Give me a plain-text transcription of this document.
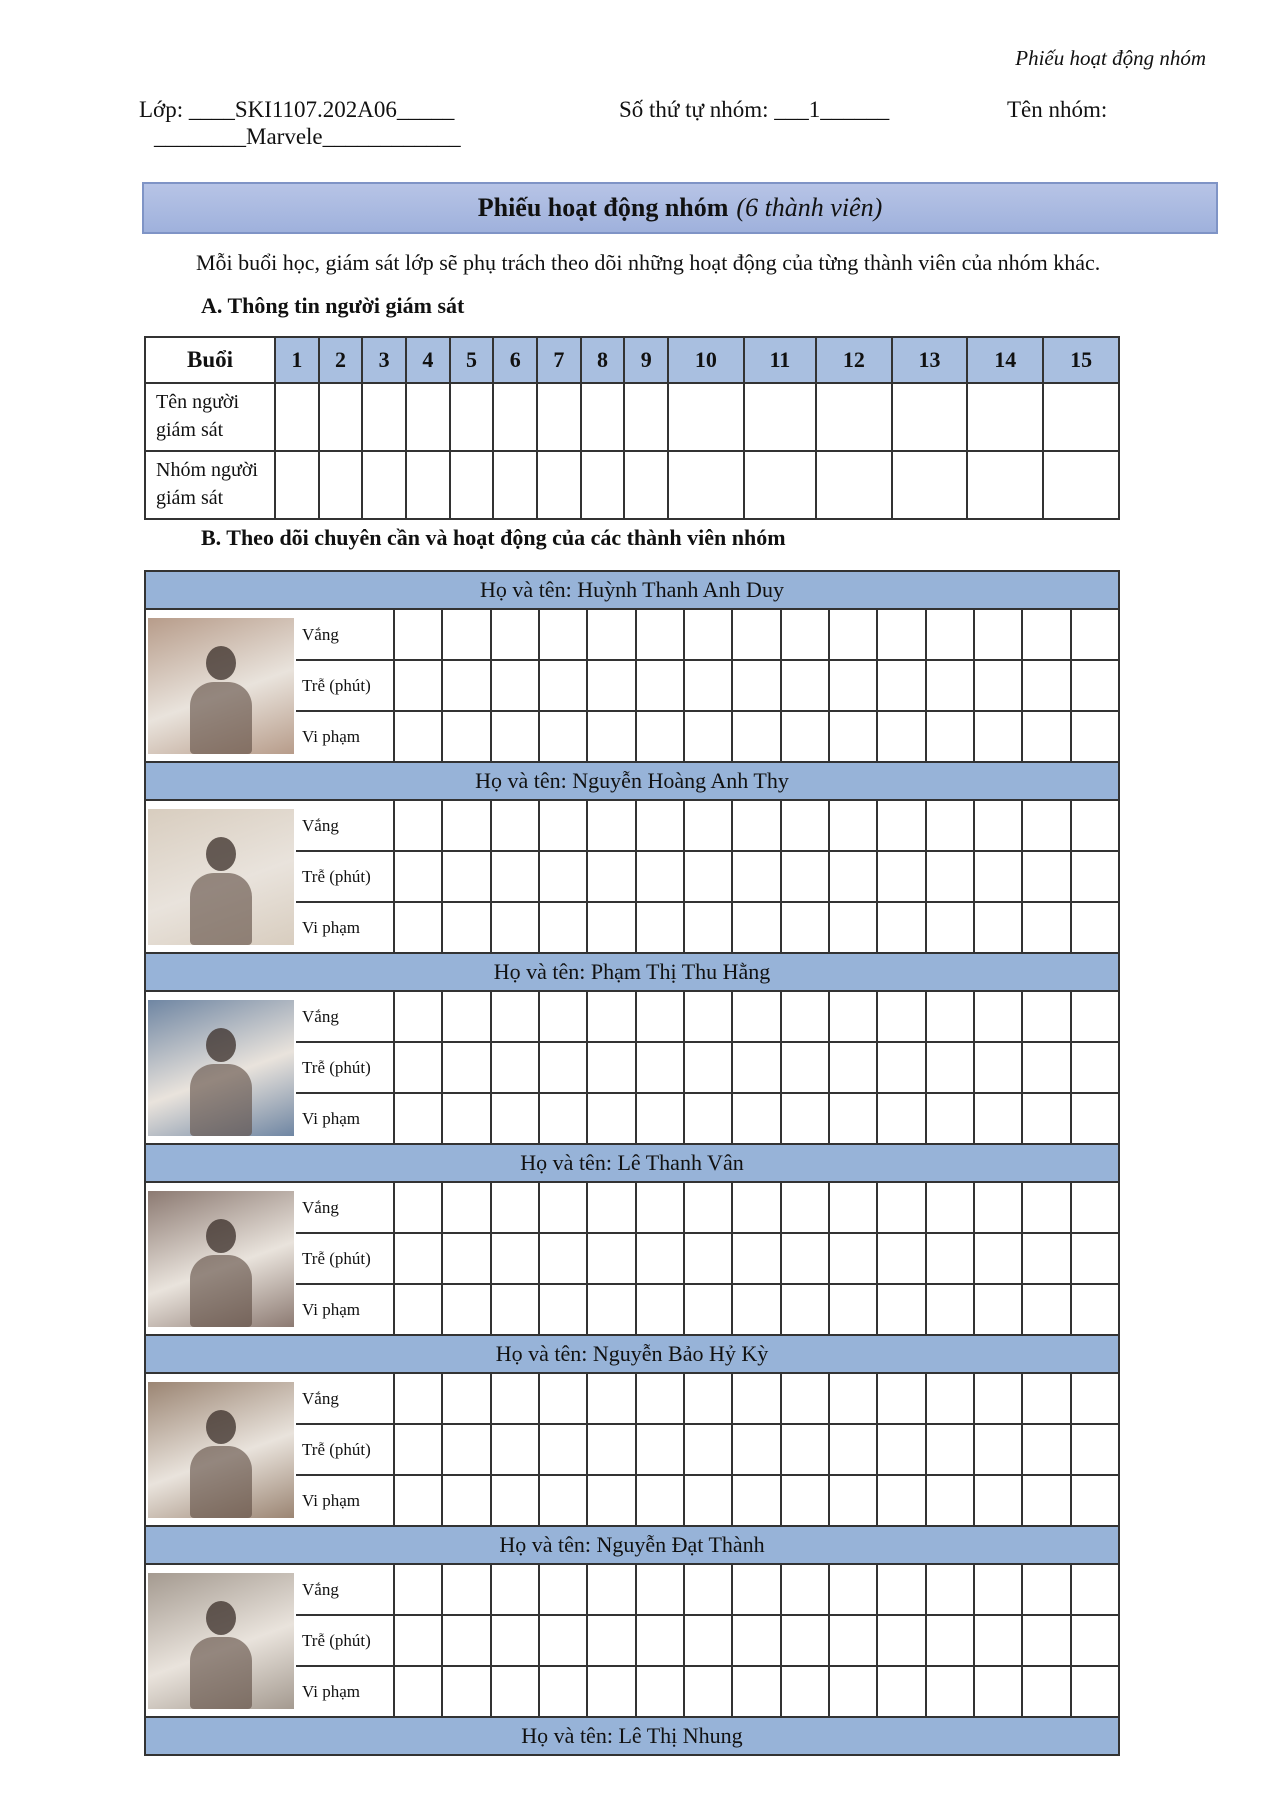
Phiếu hoạt động nhóm
Lớp: ____SKI1107.202A06_____	Số thứ tự nhóm: ___1______	Tên nhóm:
________Marvele____________
Phiếu hoạt động nhóm (6 thành viên)
Mỗi buổi học, giám sát lớp sẽ phụ trách theo dõi những hoạt động của từng thành viên của nhóm khác.
A. Thông tin người giám sát
Buổi	1	2	3	4	5	6	7	8	9	10	11	12	13	14	15

Tên người
giám sát															

Nhóm người
giám sát															

B. Theo dõi chuyên cần và hoạt động của các thành viên nhóm
Họ và tên: Huỳnh Thanh Anh Duy																

	Vắng															
	Trễ (phút)															
	Vi phạm															
Họ và tên: Nguyễn Hoàng Anh Thy																

	Vắng															
	Trễ (phút)															
	Vi phạm															
Họ và tên: Phạm Thị Thu Hằng																

	Vắng															
	Trễ (phút)															
	Vi phạm															
Họ và tên: Lê Thanh Vân																

	Vắng															
	Trễ (phút)															
	Vi phạm															
Họ và tên: Nguyễn Bảo Hỷ Kỳ																

	Vắng															
	Trễ (phút)															
	Vi phạm															
Họ và tên: Nguyễn Đạt Thành																

	Vắng															
	Trễ (phút)															
	Vi phạm															
Họ và tên: Lê Thị Nhung																
